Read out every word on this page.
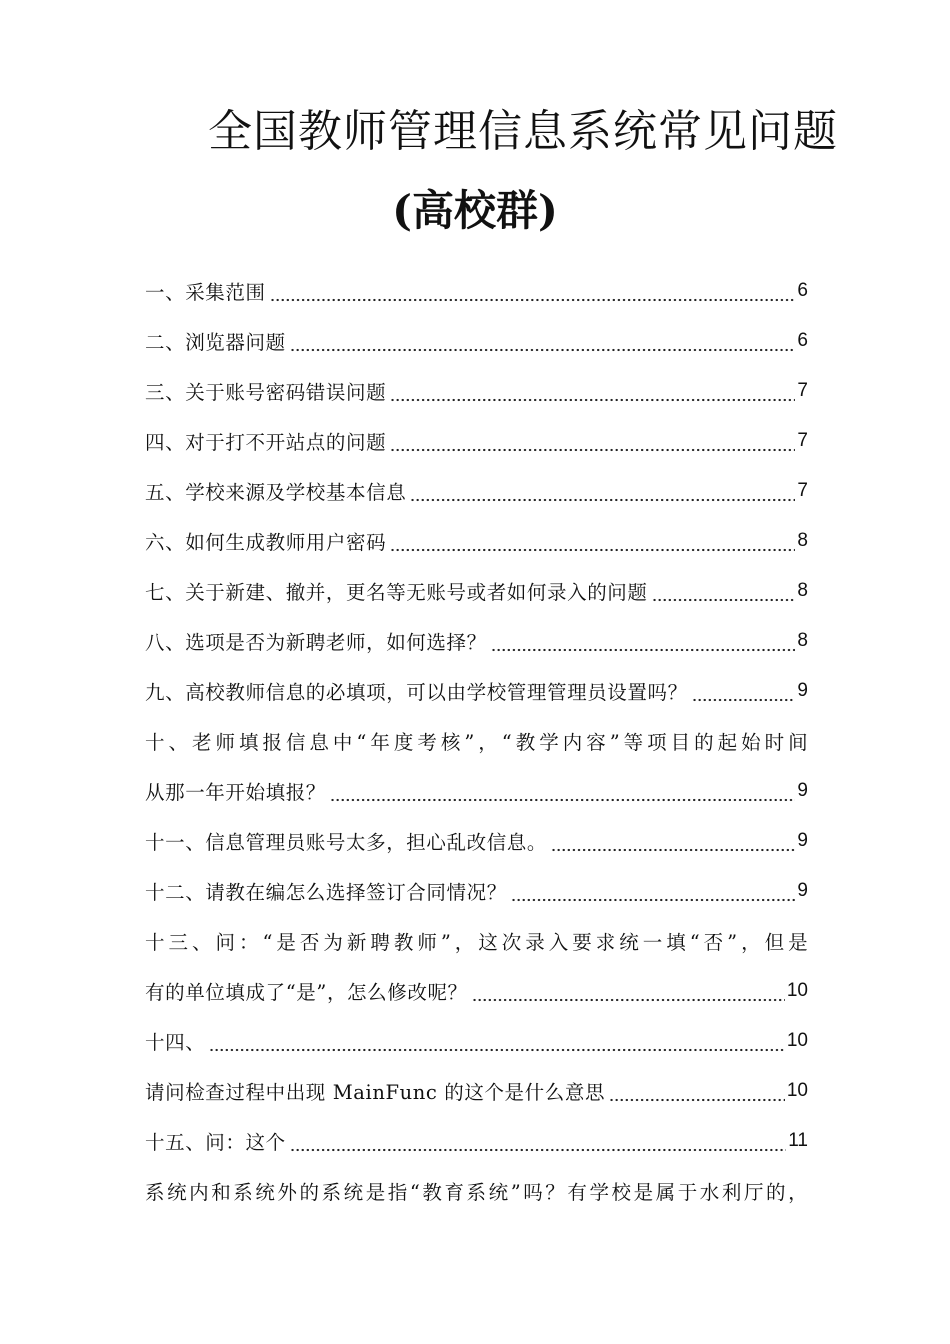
全国教师管理信息系统常见问题
(高校群)
一、采集范围	6
二、浏览器问题	6
三、关于账号密码错误问题	7
四、对于打不开站点的问题	7
五、学校来源及学校基本信息	7
六、如何生成教师用户密码	8
七、关于新建、撤并，更名等无账号或者如何录入的问题	8
八、选项是否为新聘老师，如何选择？	8
九、高校教师信息的必填项，可以由学校管理管理员设置吗？	9
十、老师填报信息中“年度考核”，“教学内容”等项目的起始时间
从那一年开始填报？	9
十一、信息管理员账号太多，担心乱改信息。	9
十二、请教在编怎么选择签订合同情况？	9
十三、问：“是否为新聘教师”，这次录入要求统一填“否”，但是
有的单位填成了“是”，怎么修改呢？	10
十四、	10
请问检查过程中出现 MainFunc 的这个是什么意思	10
十五、问：这个	11
系统内和系统外的系统是指“教育系统”吗？有学校是属于水利厅的，
